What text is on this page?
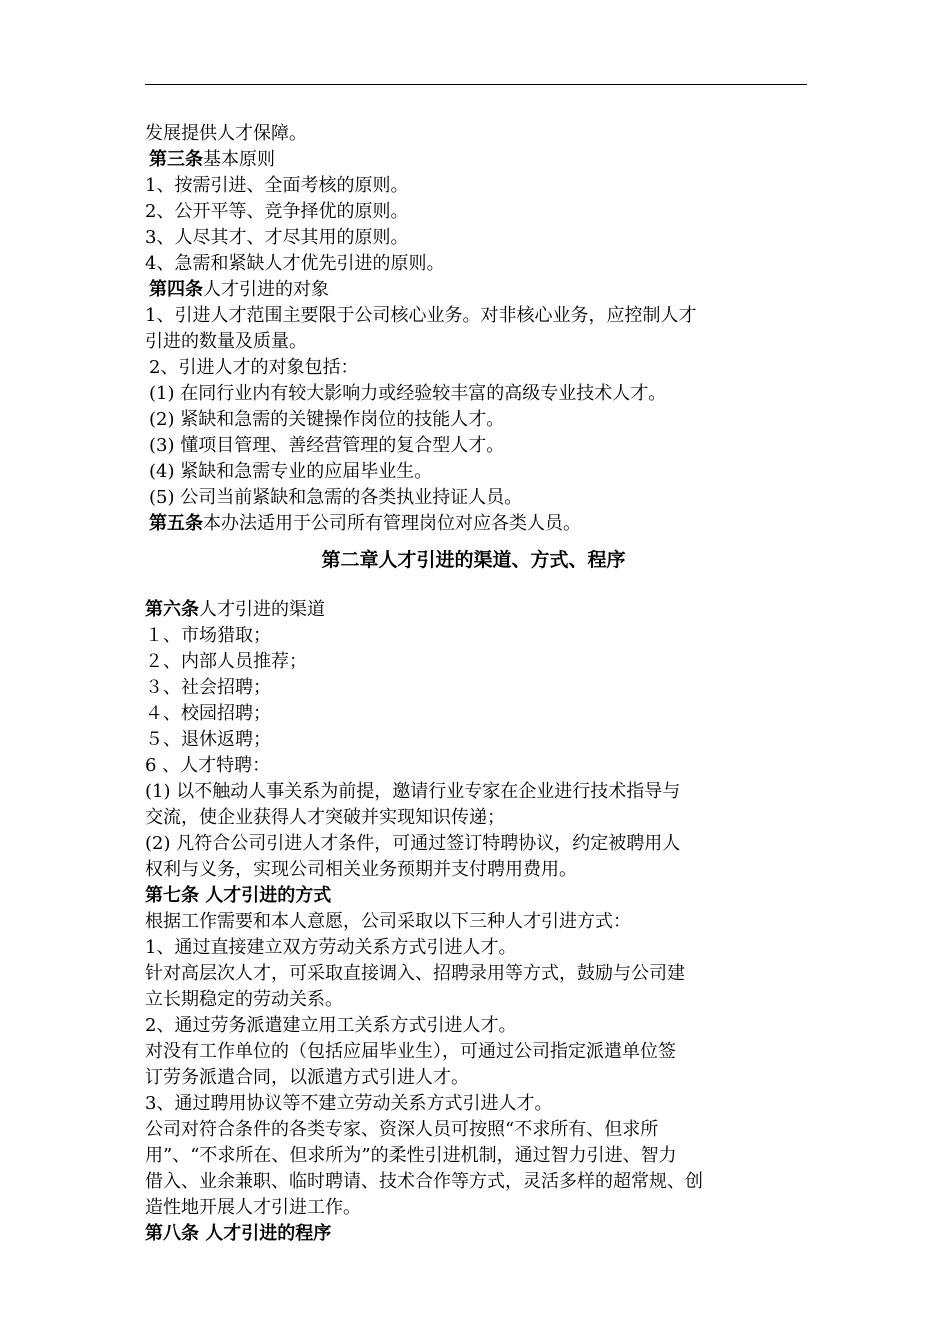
发展提供人才保障。
第三条基本原则
1、按需引进、全面考核的原则。
2、公开平等、竞争择优的原则。
3、人尽其才、才尽其用的原则。
4、急需和紧缺人才优先引进的原则。
第四条人才引进的对象
1、引进人才范围主要限于公司核心业务。对非核心业务，应控制人才
引进的数量及质量。
2、引进人才的对象包括：
(1) 在同行业内有较大影响力或经验较丰富的高级专业技术人才。
(2) 紧缺和急需的关键操作岗位的技能人才。
(3) 懂项目管理、善经营管理的复合型人才。
(4) 紧缺和急需专业的应届毕业生。
(5) 公司当前紧缺和急需的各类执业持证人员。
第五条本办法适用于公司所有管理岗位对应各类人员。
第二章人才引进的渠道、方式、程序
第六条人才引进的渠道
１、市场猎取；
２、内部人员推荐；
３、社会招聘；
４、校园招聘；
５、退休返聘；
6 、人才特聘：
(1) 以不触动人事关系为前提，邀请行业专家在企业进行技术指导与
交流，使企业获得人才突破并实现知识传递；
(2) 凡符合公司引进人才条件，可通过签订特聘协议，约定被聘用人
权利与义务，实现公司相关业务预期并支付聘用费用。
第七条 人才引进的方式
根据工作需要和本人意愿，公司采取以下三种人才引进方式：
1、通过直接建立双方劳动关系方式引进人才。
针对高层次人才，可采取直接调入、招聘录用等方式，鼓励与公司建
立长期稳定的劳动关系。
2、通过劳务派遣建立用工关系方式引进人才。
对没有工作单位的（包括应届毕业生），可通过公司指定派遣单位签
订劳务派遣合同，以派遣方式引进人才。
3、通过聘用协议等不建立劳动关系方式引进人才。
公司对符合条件的各类专家、资深人员可按照“不求所有、但求所
用”、“不求所在、但求所为”的柔性引进机制，通过智力引进、智力
借入、业余兼职、临时聘请、技术合作等方式，灵活多样的超常规、创
造性地开展人才引进工作。
第八条 人才引进的程序
